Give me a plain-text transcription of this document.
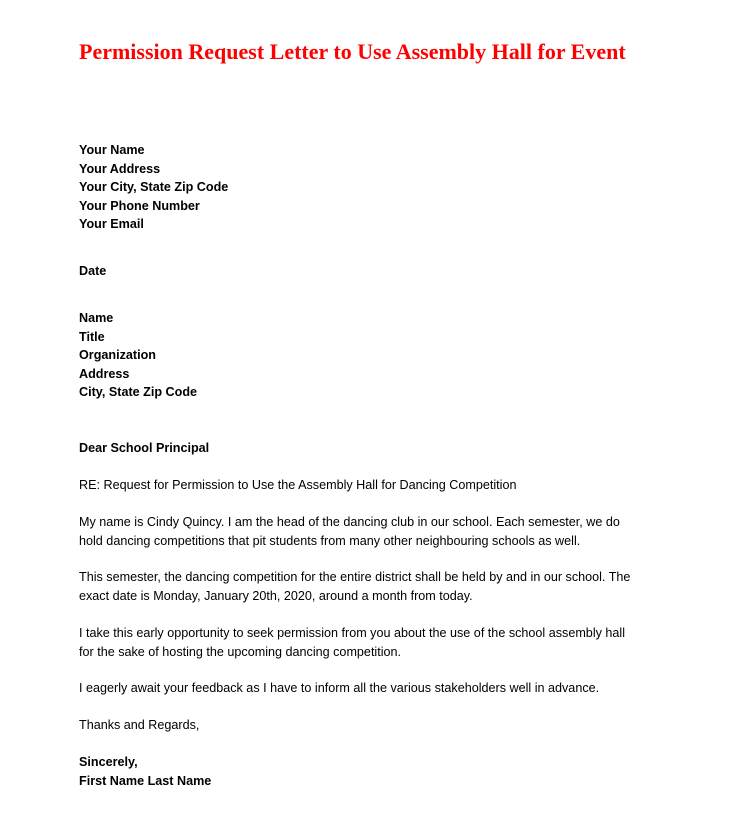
Permission Request Letter to Use Assembly Hall for Event
Your Name
Your Address
Your City, State Zip Code
Your Phone Number
Your Email
Date
Name
Title
Organization
Address
City, State Zip Code
Dear School Principal
RE: Request for Permission to Use the Assembly Hall for Dancing Competition
My name is Cindy Quincy. I am the head of the dancing club in our school. Each semester, we do
hold dancing competitions that pit students from many other neighbouring schools as well.
This semester, the dancing competition for the entire district shall be held by and in our school. The
exact date is Monday, January 20th, 2020, around a month from today.
I take this early opportunity to seek permission from you about the use of the school assembly hall
for the sake of hosting the upcoming dancing competition.
I eagerly await your feedback as I have to inform all the various stakeholders well in advance.
Thanks and Regards,
Sincerely,
First Name Last Name
